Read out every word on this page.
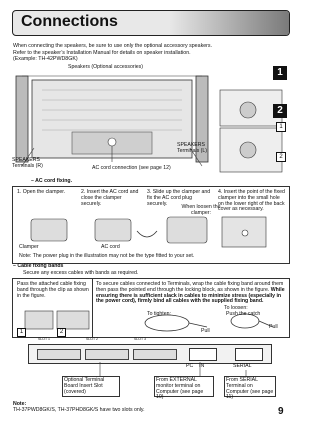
Connections
When connecting the speakers, be sure to use only the optional accessory speakers.
Refer to the speaker’s Installation Manual for details on speaker installation.
(Example: TH-42PWD8GK)
Speakers (Optional accessories)	1
2
1
2
SPEAKERS
Terminals (R)
SPEAKERS
Terminals (L)
AC cord connection (see page 12)
– AC cord fixing.
1. Open the clamper.	2. Insert the AC cord and close the clamper securely.
3. Slide up the clamper and fix the AC cord plug securely.
4. Insert the point of the fixed clamper into the small hole on the lower right of the back cover as necessary.
When loosen the clamper:
Clamper	AC cord
Note: The power plug in the illustration may not be the type fitted to your set.
– Cable fixing bands
Secure any excess cables with bands as required.
Pass the attached cable fixing band through the clip as shown in the figure.
To secure cables connected to Terminals, wrap the cable fixing band around them then pass the pointed end through the locking block, as shown in the figure. While ensuring there is sufficient slack in cables to minimize stress (especially in the power cord), firmly bind all cables with the supplied fixing band.
To tighten:
Pull
To loosen:
Push the catch
Pull
1	2
SLOT 1	SLOT 2	SLOT 3
PC IN	SERIAL
Optional Terminal Board Insert Slot (covered)
From EXTERNAL monitor terminal on Computer (see page 10)
From SERIAL Terminal on Computer (see page 11)
Note:
TH-37PWD8GK/S, TH-37PHD8GK/S have two slots only.	9
